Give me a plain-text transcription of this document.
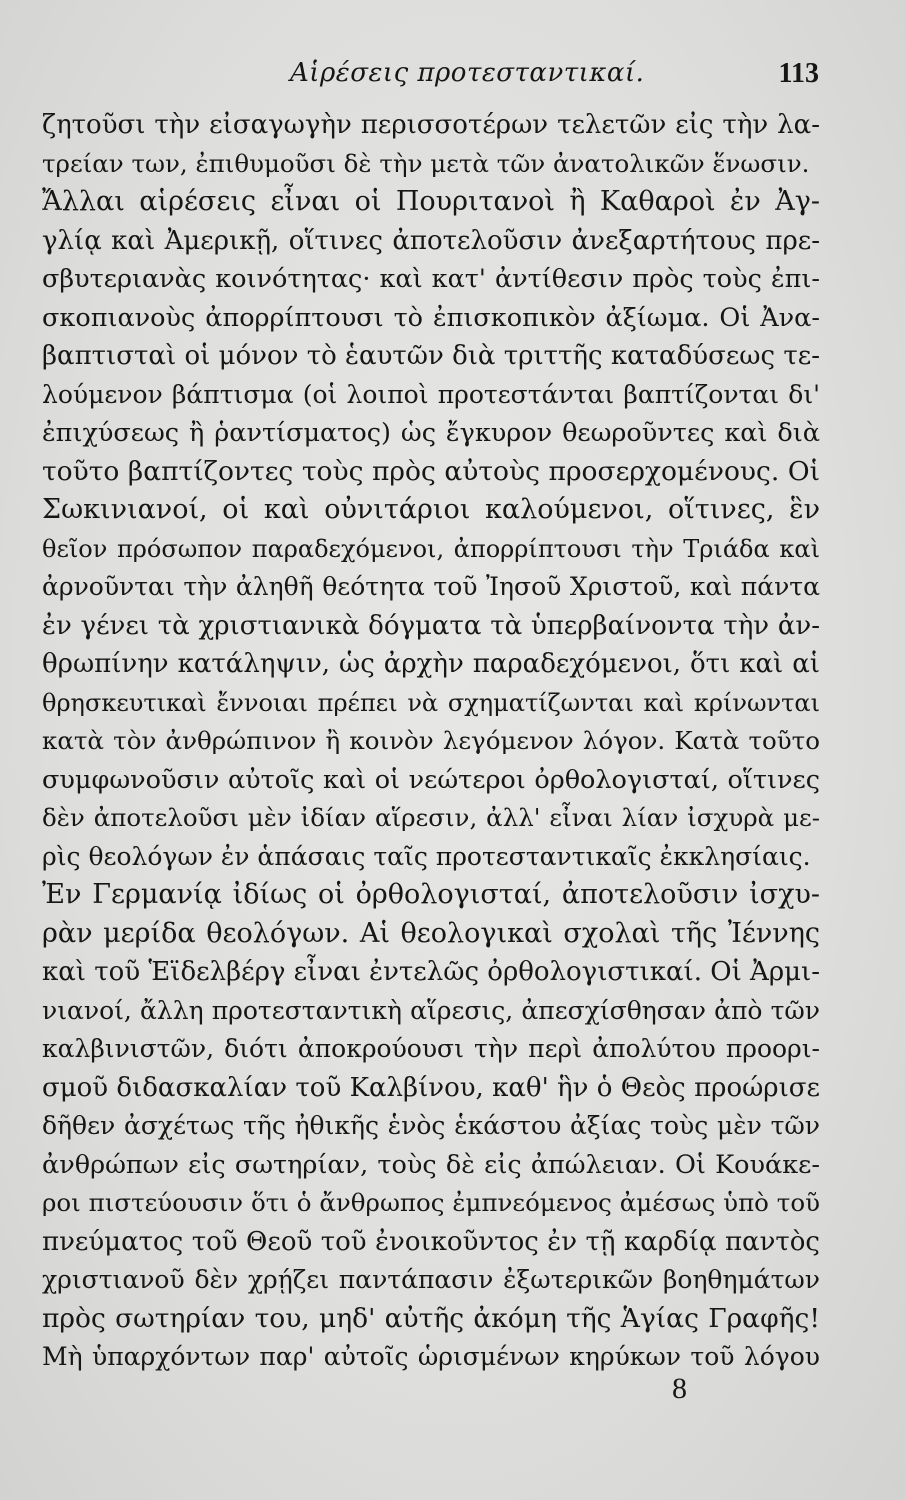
Αἱρέσεις προτεσταντικαί.	113
ζητοῦσι τὴν εἰσαγωγὴν περισσοτέρων τελετῶν εἰς τὴν λα-
τρείαν των, ἐπιθυμοῦσι δὲ τὴν μετὰ τῶν ἀνατολικῶν ἕνωσιν.
Ἄλλαι αἱρέσεις εἶναι οἱ Πουριτανοὶ ἢ Καθαροὶ ἐν Ἀγ-
γλίᾳ καὶ Ἀμερικῇ, οἵτινες ἀποτελοῦσιν ἀνεξαρτήτους πρε-
σβυτεριανὰς κοινότητας· καὶ κατ' ἀντίθεσιν πρὸς τοὺς ἐπι-
σκοπιανοὺς ἀπορρίπτουσι τὸ ἐπισκοπικὸν ἀξίωμα. Οἱ Ἀνα-
βαπτισταὶ οἱ μόνον τὸ ἑαυτῶν διὰ τριττῆς καταδύσεως τε-
λούμενον βάπτισμα (οἱ λοιποὶ προτεστάνται βαπτίζονται δι'
ἐπιχύσεως ἢ ῥαντίσματος) ὡς ἔγκυρον θεωροῦντες καὶ διὰ
τοῦτο βαπτίζοντες τοὺς πρὸς αὐτοὺς προσερχομένους. Οἱ
Σωκινιανοί, οἱ καὶ οὐνιτάριοι καλούμενοι, οἵτινες, ἓν
θεῖον πρόσωπον παραδεχόμενοι, ἀπορρίπτουσι τὴν Τριάδα καὶ
ἀρνοῦνται τὴν ἀληθῆ θεότητα τοῦ Ἰησοῦ Χριστοῦ, καὶ πάντα
ἐν γένει τὰ χριστιανικὰ δόγματα τὰ ὑπερβαίνοντα τὴν ἀν-
θρωπίνην κατάληψιν, ὡς ἀρχὴν παραδεχόμενοι, ὅτι καὶ αἱ
θρησκευτικαὶ ἔννοιαι πρέπει νὰ σχηματίζωνται καὶ κρίνωνται
κατὰ τὸν ἀνθρώπινον ἢ κοινὸν λεγόμενον λόγον. Κατὰ τοῦτο
συμφωνοῦσιν αὐτοῖς καὶ οἱ νεώτεροι ὀρθολογισταί, οἵτινες
δὲν ἀποτελοῦσι μὲν ἰδίαν αἵρεσιν, ἀλλ' εἶναι λίαν ἰσχυρὰ με-
ρὶς θεολόγων ἐν ἁπάσαις ταῖς προτεσταντικαῖς ἐκκλησίαις.
Ἐν Γερμανίᾳ ἰδίως οἱ ὀρθολογισταί, ἀποτελοῦσιν ἰσχυ-
ρὰν μερίδα θεολόγων. Αἱ θεολογικαὶ σχολαὶ τῆς Ἰέννης
καὶ τοῦ Ἑϊδελβέργ εἶναι ἐντελῶς ὀρθολογιστικαί. Οἱ Ἀρμι-
νιανοί, ἄλλη προτεσταντικὴ αἵρεσις, ἀπεσχίσθησαν ἀπὸ τῶν
καλβινιστῶν, διότι ἀποκρούουσι τὴν περὶ ἀπολύτου προορι-
σμοῦ διδασκαλίαν τοῦ Καλβίνου, καθ' ἣν ὁ Θεὸς προώρισε
δῆθεν ἀσχέτως τῆς ἠθικῆς ἑνὸς ἑκάστου ἀξίας τοὺς μὲν τῶν
ἀνθρώπων εἰς σωτηρίαν, τοὺς δὲ εἰς ἀπώλειαν. Οἱ Κουάκε-
ροι πιστεύουσιν ὅτι ὁ ἄνθρωπος ἐμπνεόμενος ἀμέσως ὑπὸ τοῦ
πνεύματος τοῦ Θεοῦ τοῦ ἐνοικοῦντος ἐν τῇ καρδίᾳ παντὸς
χριστιανοῦ δὲν χρῄζει παντάπασιν ἐξωτερικῶν βοηθημάτων
πρὸς σωτηρίαν του, μηδ' αὐτῆς ἀκόμη τῆς Ἁγίας Γραφῆς!
Μὴ ὑπαρχόντων παρ' αὐτοῖς ὡρισμένων κηρύκων τοῦ λόγου
8
